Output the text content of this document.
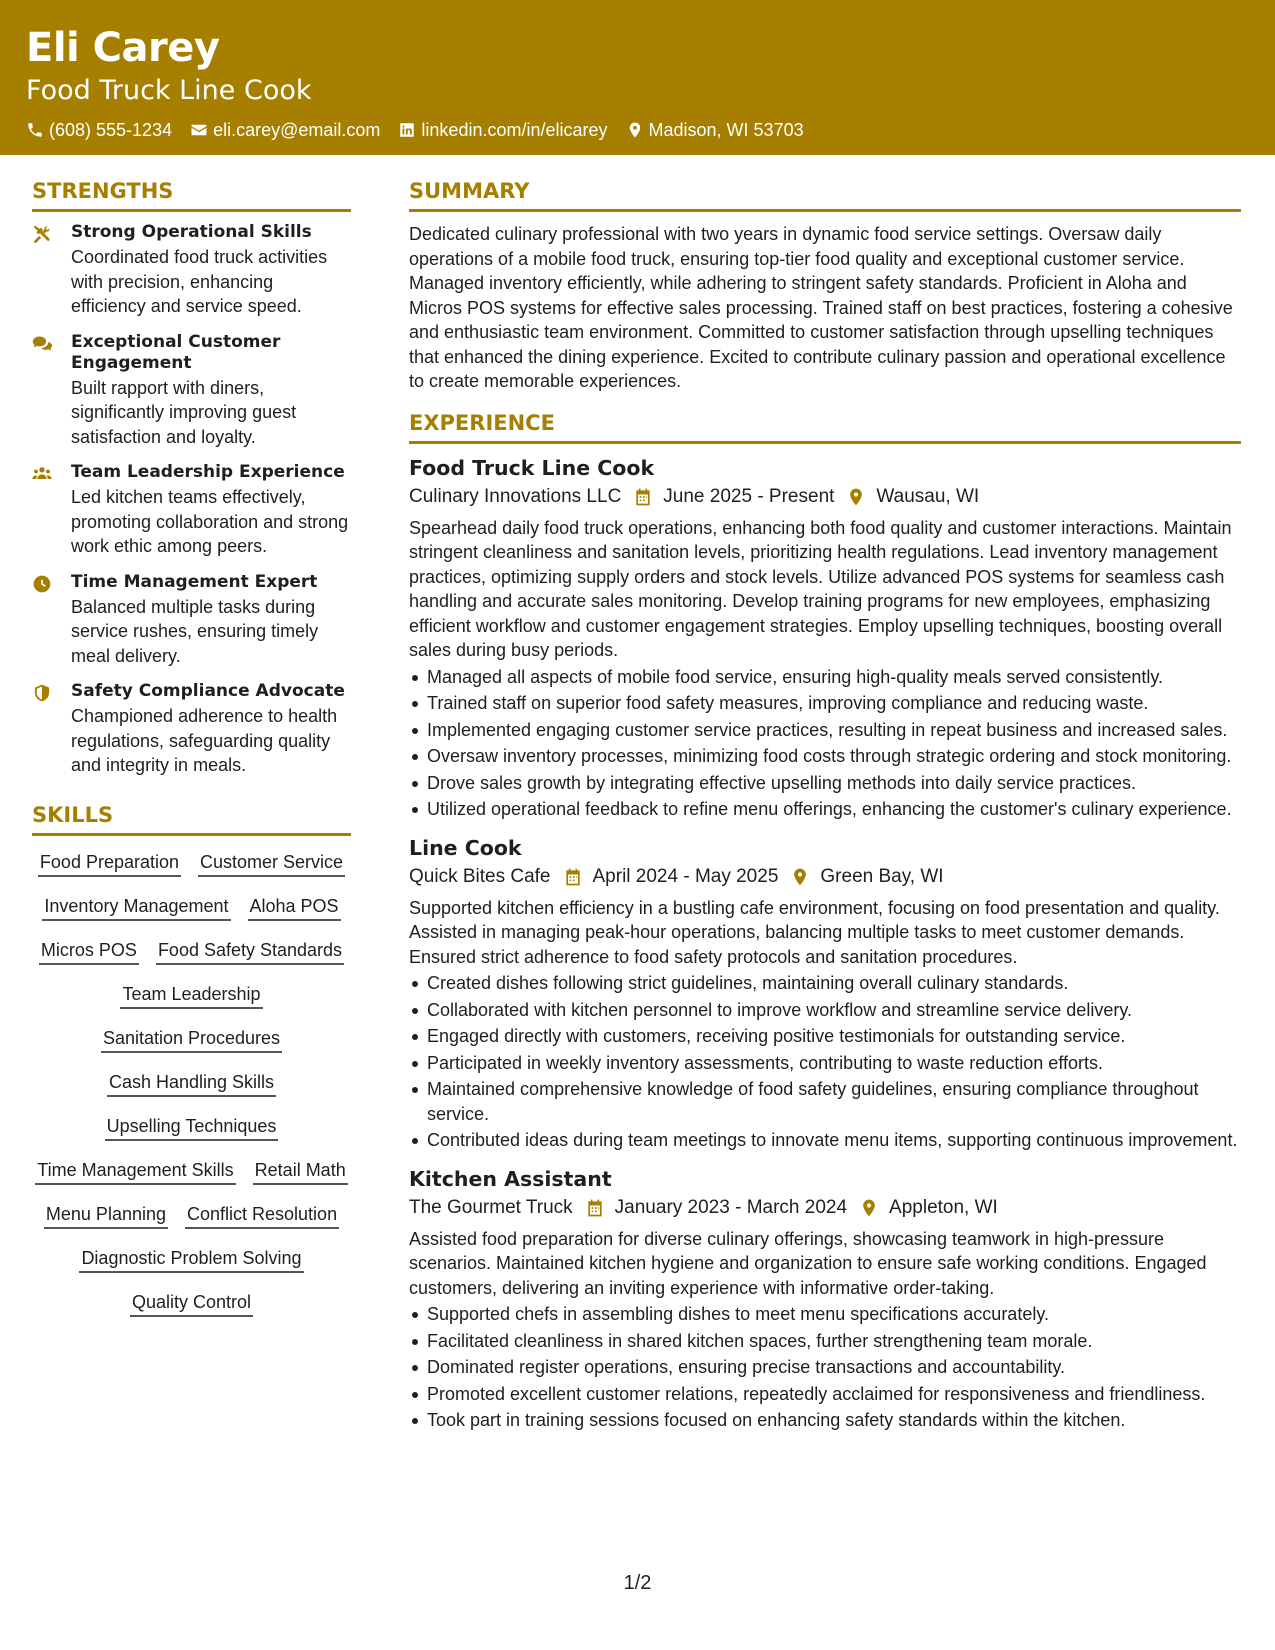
Eli Carey
Food Truck Line Cook
(608) 555-1234 eli.carey@email.com linkedin.com/in/elicarey Madison, WI 53703
STRENGTHS
Strong Operational Skills
Coordinated food truck activities with precision, enhancing efficiency and service speed.
Exceptional Customer Engagement
Built rapport with diners, significantly improving guest satisfaction and loyalty.
Team Leadership Experience
Led kitchen teams effectively, promoting collaboration and strong work ethic among peers.
Time Management Expert
Balanced multiple tasks during service rushes, ensuring timely meal delivery.
Safety Compliance Advocate
Championed adherence to health regulations, safeguarding quality and integrity in meals.
SKILLS
Food Preparation Customer Service
Inventory Management Aloha POS
Micros POS Food Safety Standards
Team Leadership
Sanitation Procedures
Cash Handling Skills
Upselling Techniques
Time Management Skills Retail Math
Menu Planning Conflict Resolution
Diagnostic Problem Solving
Quality Control
SUMMARY
Dedicated culinary professional with two years in dynamic food service settings. Oversaw daily operations of a mobile food truck, ensuring top-tier food quality and exceptional customer service. Managed inventory efficiently, while adhering to stringent safety standards. Proficient in Aloha and Micros POS systems for effective sales processing. Trained staff on best practices, fostering a cohesive and enthusiastic team environment. Committed to customer satisfaction through upselling techniques that enhanced the dining experience. Excited to contribute culinary passion and operational excellence to create memorable experiences.
EXPERIENCE
Food Truck Line Cook
Culinary Innovations LLC June 2025 - Present Wausau, WI
Spearhead daily food truck operations, enhancing both food quality and customer interactions. Maintain stringent cleanliness and sanitation levels, prioritizing health regulations. Lead inventory management practices, optimizing supply orders and stock levels. Utilize advanced POS systems for seamless cash handling and accurate sales monitoring. Develop training programs for new employees, emphasizing efficient workflow and customer engagement strategies. Employ upselling techniques, boosting overall sales during busy periods.
Managed all aspects of mobile food service, ensuring high-quality meals served consistently.
Trained staff on superior food safety measures, improving compliance and reducing waste.
Implemented engaging customer service practices, resulting in repeat business and increased sales.
Oversaw inventory processes, minimizing food costs through strategic ordering and stock monitoring.
Drove sales growth by integrating effective upselling methods into daily service practices.
Utilized operational feedback to refine menu offerings, enhancing the customer's culinary experience.
Line Cook
Quick Bites Cafe April 2024 - May 2025 Green Bay, WI
Supported kitchen efficiency in a bustling cafe environment, focusing on food presentation and quality. Assisted in managing peak-hour operations, balancing multiple tasks to meet customer demands. Ensured strict adherence to food safety protocols and sanitation procedures.
Created dishes following strict guidelines, maintaining overall culinary standards.
Collaborated with kitchen personnel to improve workflow and streamline service delivery.
Engaged directly with customers, receiving positive testimonials for outstanding service.
Participated in weekly inventory assessments, contributing to waste reduction efforts.
Maintained comprehensive knowledge of food safety guidelines, ensuring compliance throughout service.
Contributed ideas during team meetings to innovate menu items, supporting continuous improvement.
Kitchen Assistant
The Gourmet Truck January 2023 - March 2024 Appleton, WI
Assisted food preparation for diverse culinary offerings, showcasing teamwork in high-pressure scenarios. Maintained kitchen hygiene and organization to ensure safe working conditions. Engaged customers, delivering an inviting experience with informative order-taking.
Supported chefs in assembling dishes to meet menu specifications accurately.
Facilitated cleanliness in shared kitchen spaces, further strengthening team morale.
Dominated register operations, ensuring precise transactions and accountability.
Promoted excellent customer relations, repeatedly acclaimed for responsiveness and friendliness.
Took part in training sessions focused on enhancing safety standards within the kitchen.
1/2
